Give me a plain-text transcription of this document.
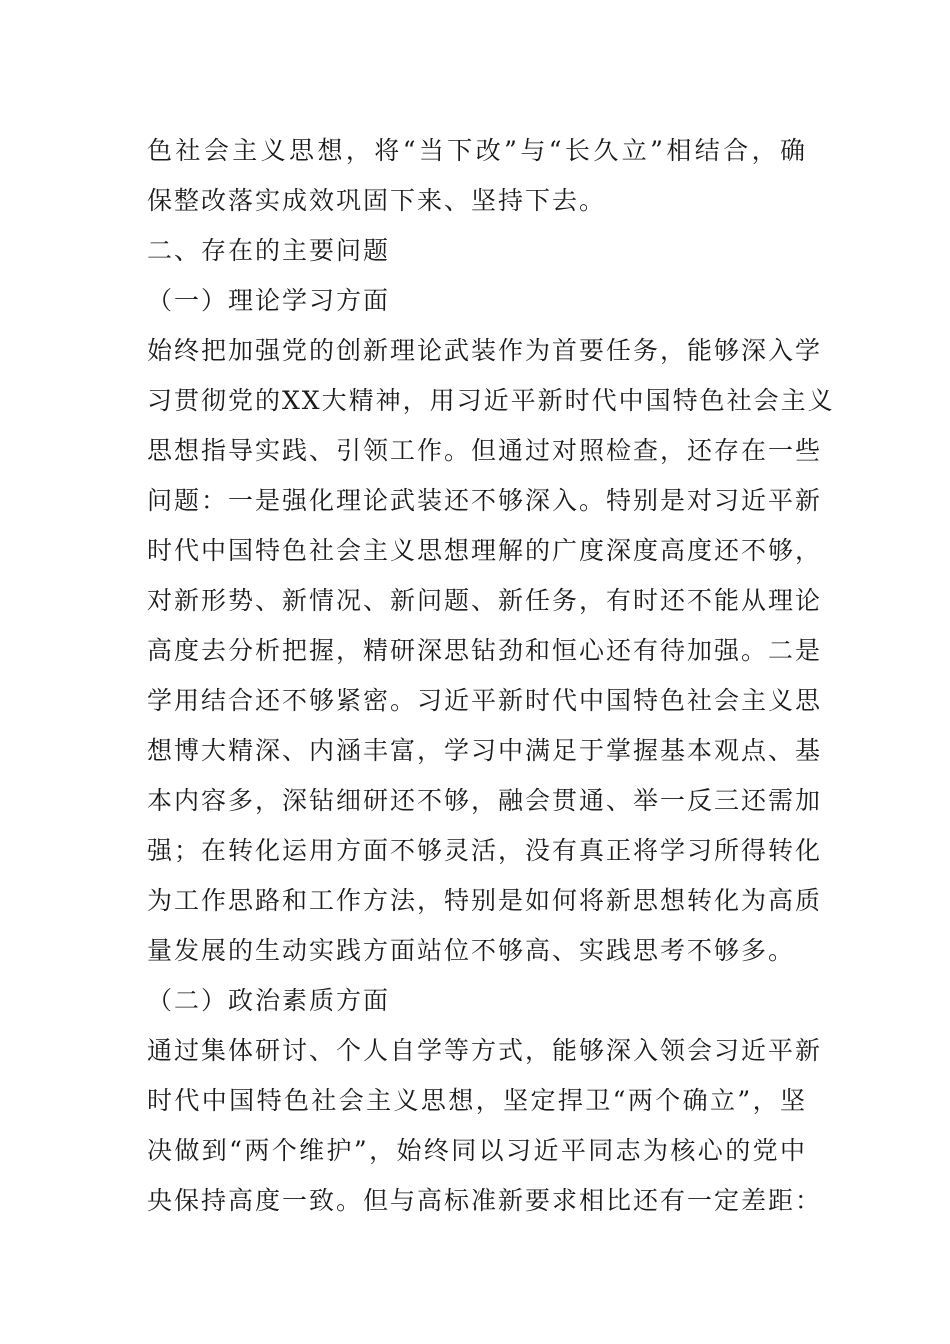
色社会主义思想，将“当下改”与“长久立”相结合，确
保整改落实成效巩固下来、坚持下去。
二、存在的主要问题
（一）理论学习方面
始终把加强党的创新理论武装作为首要任务，能够深入学
习贯彻党的XX大精神，用习近平新时代中国特色社会主义
思想指导实践、引领工作。但通过对照检查，还存在一些
问题：一是强化理论武装还不够深入。特别是对习近平新
时代中国特色社会主义思想理解的广度深度高度还不够，
对新形势、新情况、新问题、新任务，有时还不能从理论
高度去分析把握，精研深思钻劲和恒心还有待加强。二是
学用结合还不够紧密。习近平新时代中国特色社会主义思
想博大精深、内涵丰富，学习中满足于掌握基本观点、基
本内容多，深钻细研还不够，融会贯通、举一反三还需加
强；在转化运用方面不够灵活，没有真正将学习所得转化
为工作思路和工作方法，特别是如何将新思想转化为高质
量发展的生动实践方面站位不够高、实践思考不够多。
（二）政治素质方面
通过集体研讨、个人自学等方式，能够深入领会习近平新
时代中国特色社会主义思想，坚定捍卫“两个确立”，坚
决做到“两个维护”，始终同以习近平同志为核心的党中
央保持高度一致。但与高标准新要求相比还有一定差距：
